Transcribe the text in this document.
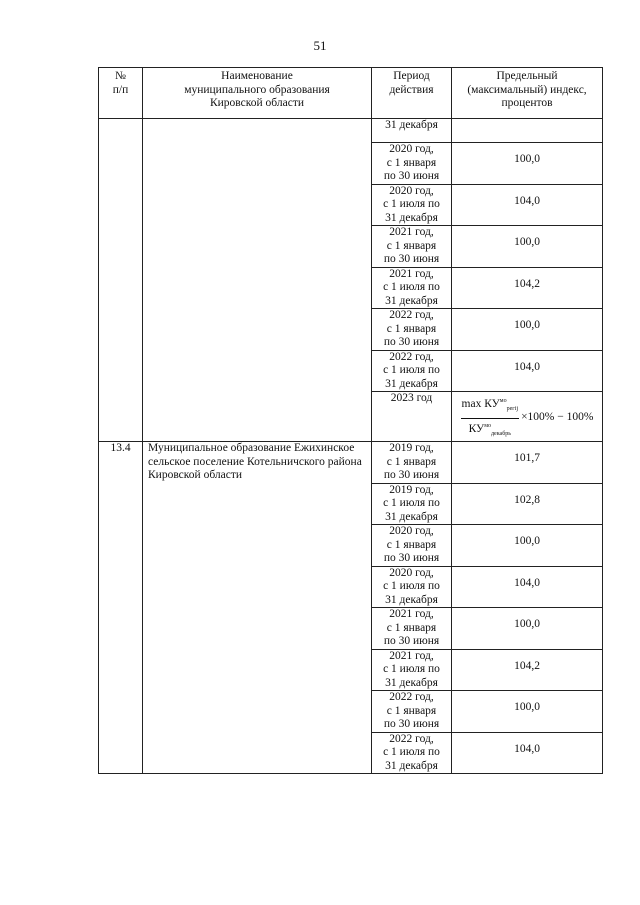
51
№
п/п	Наименование
муниципального образования
Кировской области	Период
действия	Предельный
(максимальный) индекс,
процентов
		31 декабря	
		2020 год,
с 1 января
по 30 июня	100,0
		2020 год,
с 1 июля по
31 декабря	104,0
		2021 год,
с 1 января
по 30 июня	100,0
		2021 год,
с 1 июля по
31 декабря	104,2
		2022 год,
с 1 января
по 30 июня	100,0
		2022 год,
с 1 июля по
31 декабря	104,0
		2023 год	$\frac{\max КУ^{мо}_{регij}}{КУ^{мо}_{декабрь}} \times 100\% - 100\%$

13.4	Муниципальное образование Ежихинское сельское поселение Котельничского района Кировской области	2019 год,
с 1 января
по 30 июня	101,7
		2019 год,
с 1 июля по
31 декабря	102,8
		2020 год,
с 1 января
по 30 июня	100,0
		2020 год,
с 1 июля по
31 декабря	104,0
		2021 год,
с 1 января
по 30 июня	100,0
		2021 год,
с 1 июля по
31 декабря	104,2
		2022 год,
с 1 января
по 30 июня	100,0
		2022 год,
с 1 июля по
31 декабря	104,0
